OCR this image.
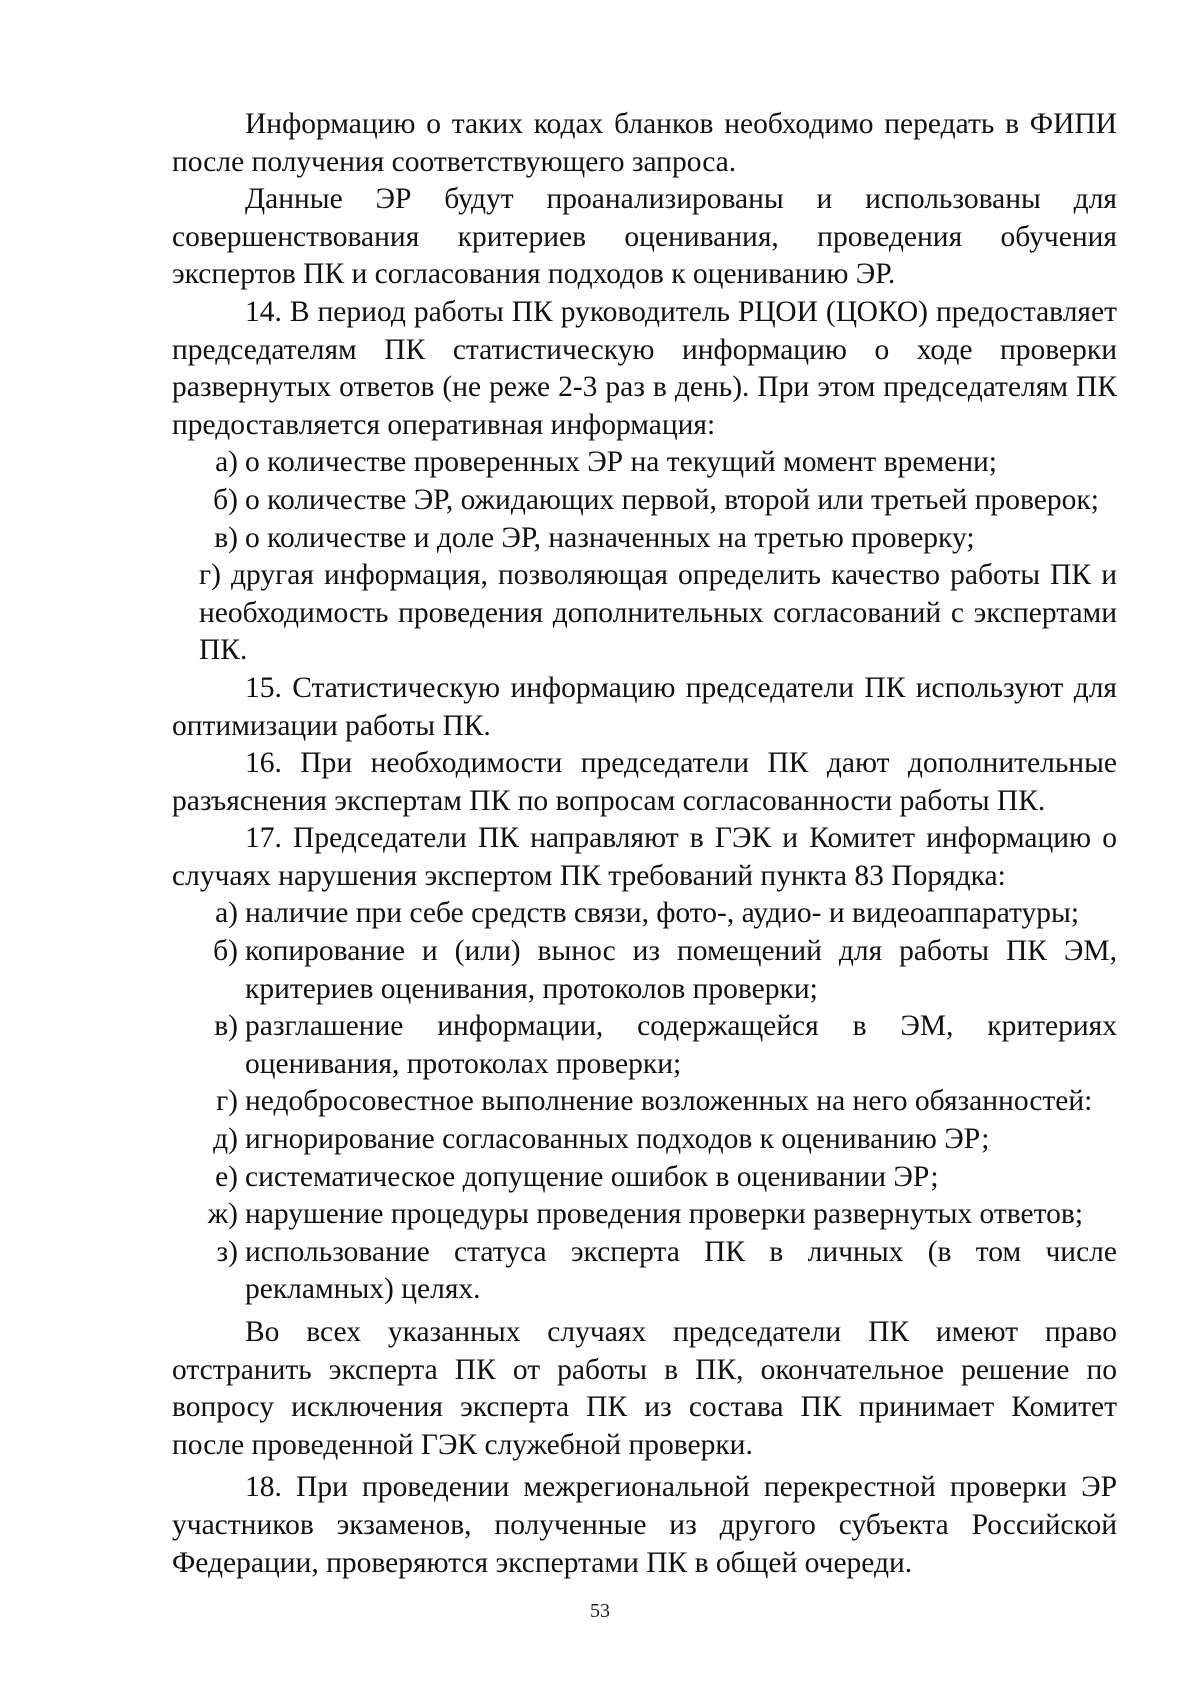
Информацию о таких кодах бланков необходимо передать в ФИПИ после получения соответствующего запроса.

Данные ЭР будут проанализированы и использованы для совершенствования критериев оценивания, проведения обучения экспертов ПК и согласования подходов к оцениванию ЭР.

14. В период работы ПК руководитель РЦОИ (ЦОКО) предоставляет председателям ПК статистическую информацию о ходе проверки развернутых ответов (не реже 2-3 раз в день). При этом председателям ПК предоставляется оперативная информация:

а) о количестве проверенных ЭР на текущий момент времени;
б) о количестве ЭР, ожидающих первой, второй или третьей проверок;
в) о количестве и доле ЭР, назначенных на третью проверку;

г) другая информация, позволяющая определить качество работы ПК и необходимость проведения дополнительных согласований с экспертами ПК.

15. Статистическую информацию председатели ПК используют для оптимизации работы ПК.

16. При необходимости председатели ПК дают дополнительные разъяснения экспертам ПК по вопросам согласованности работы ПК.

17. Председатели ПК направляют в ГЭК и Комитет информацию о случаях нарушения экспертом ПК требований пункта 83 Порядка:

а) наличие при себе средств связи, фото-, аудио- и видеоаппаратуры;
б) копирование и (или) вынос из помещений для работы ПК ЭМ, критериев оценивания, протоколов проверки;
в) разглашение информации, содержащейся в ЭМ, критериях оценивания, протоколах проверки;
г) недобросовестное выполнение возложенных на него обязанностей:
д) игнорирование согласованных подходов к оцениванию ЭР;
е) систематическое допущение ошибок в оценивании ЭР;
ж) нарушение процедуры проведения проверки развернутых ответов;
з) использование статуса эксперта ПК в личных (в том числе рекламных) целях.

Во всех указанных случаях председатели ПК имеют право отстранить эксперта ПК от работы в ПК, окончательное решение по вопросу исключения эксперта ПК из состава ПК принимает Комитет после проведенной ГЭК служебной проверки.

18. При проведении межрегиональной перекрестной проверки ЭР участников экзаменов, полученные из другого субъекта Российской Федерации, проверяются экспертами ПК в общей очереди.

53
